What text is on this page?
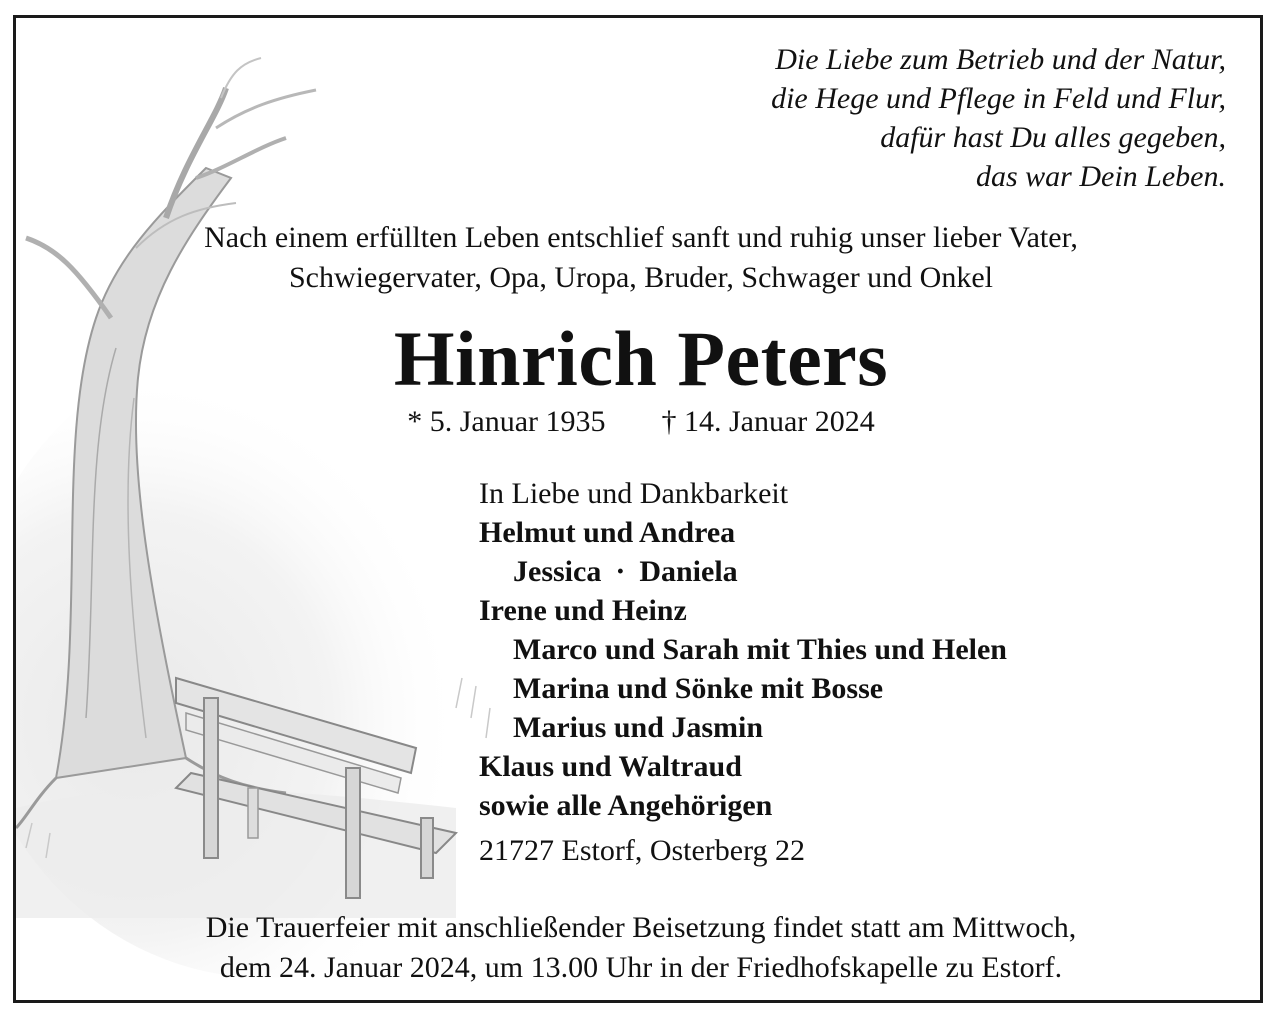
Die Liebe zum Betrieb und der Natur,
die Hege und Pflege in Feld und Flur,
dafür hast Du alles gegeben,
das war Dein Leben.
Nach einem erfüllten Leben entschlief sanft und ruhig unser lieber Vater,
Schwiegervater, Opa, Uropa, Bruder, Schwager und Onkel
Hinrich Peters
* 5. Januar 1935 † 14. Januar 2024
In Liebe und Dankbarkeit
Helmut und Andrea
Jessica · Daniela
Irene und Heinz
Marco und Sarah mit Thies und Helen
Marina und Sönke mit Bosse
Marius und Jasmin
Klaus und Waltraud
sowie alle Angehörigen
21727 Estorf, Osterberg 22
Die Trauerfeier mit anschließender Beisetzung findet statt am Mittwoch,
dem 24. Januar 2024, um 13.00 Uhr in der Friedhofskapelle zu Estorf.
